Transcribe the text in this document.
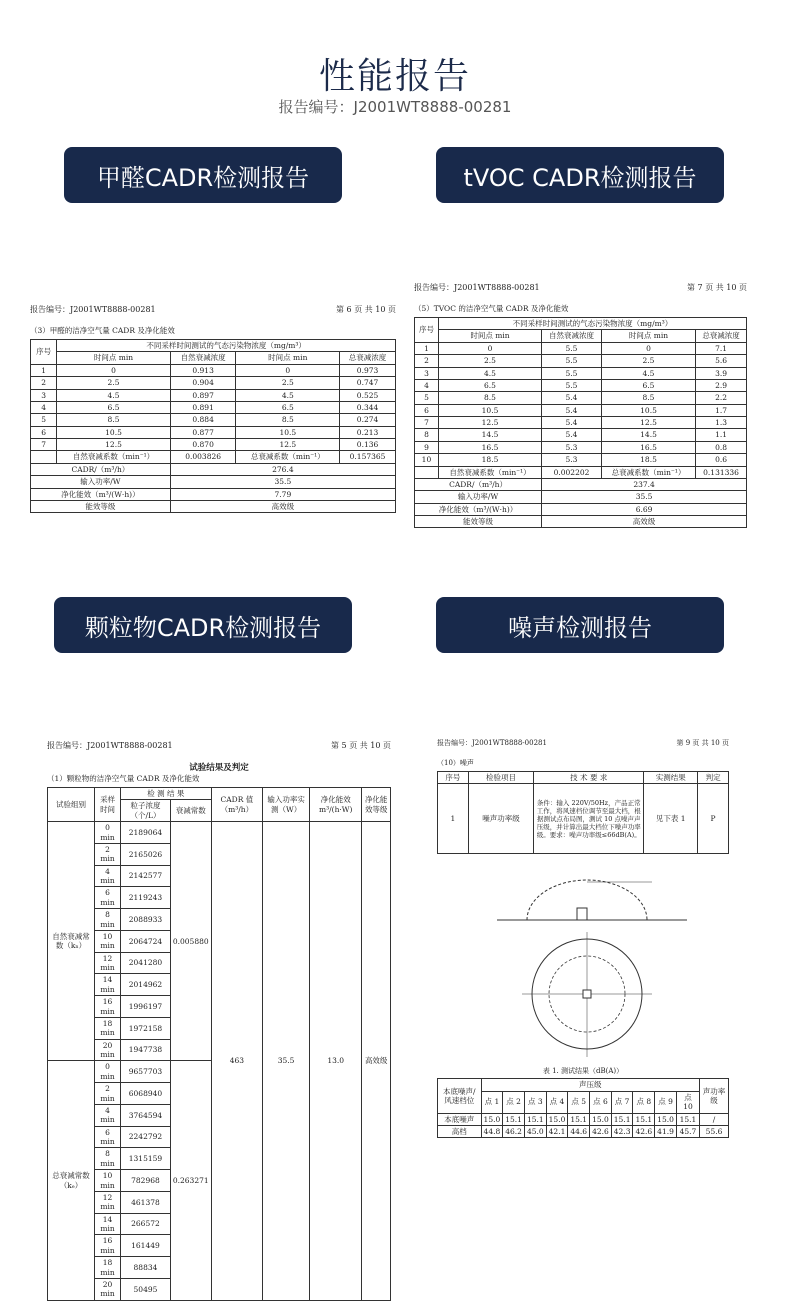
性能报告
报告编号：J2001WT8888-00281
甲醛CADR检测报告	tVOC CADR检测报告
颗粒物CADR检测报告	噪声检测报告
报告编号：J2001WT8888-00281	第 6 页 共 10 页
（3）甲醛的洁净空气量 CADR 及净化能效
序号	不同采样时间测试的气态污染物浓度（mg/m³）			
	时间点 min	自然衰减浓度	时间点 min	总衰减浓度
1	0	0.913	0	0.973
2	2.5	0.904	2.5	0.747
3	4.5	0.897	4.5	0.525
4	6.5	0.891	6.5	0.344
5	8.5	0.884	8.5	0.274
6	10.5	0.877	10.5	0.213
7	12.5	0.870	12.5	0.136
	自然衰减系数（min⁻¹）	0.003826	总衰减系数（min⁻¹）	0.157365
CADR/（m³/h）		276.4		
输入功率/W		35.5		
净化能效（m³/(W·h)）		7.79		
能效等级		高效级		
报告编号：J2001WT8888-00281	第 7 页 共 10 页
（5）TVOC 的洁净空气量 CADR 及净化能效
序号	不同采样时间测试的气态污染物浓度（mg/m³）			
	时间点 min	自然衰减浓度	时间点 min	总衰减浓度
1	0	5.5	0	7.1
2	2.5	5.5	2.5	5.6
3	4.5	5.5	4.5	3.9
4	6.5	5.5	6.5	2.9
5	8.5	5.4	8.5	2.2
6	10.5	5.4	10.5	1.7
7	12.5	5.4	12.5	1.3
8	14.5	5.4	14.5	1.1
9	16.5	5.3	16.5	0.8
10	18.5	5.3	18.5	0.6
	自然衰减系数（min⁻¹）	0.002202	总衰减系数（min⁻¹）	0.131336
CADR/（m³/h）		237.4		
输入功率/W		35.5		
净化能效（m³/(W·h)）		6.69		
能效等级		高效级		
报告编号：J2001WT8888-00281	第 5 页 共 10 页
试验结果及判定
（1）颗粒物的洁净空气量 CADR 及净化能效
试验组别	采样时间	检 测 结 果		CADR 值（m³/h）	输入功率实测（W）	净化能效 m³/(h·W)	净化能效等级
		粒子浓度（个/L）	衰减常数				
自然衰减常数（kₙ）	0 min	2189064	0.005880	463	35.5	13.0	高效级
	2 min	2165026					
	4 min	2142577					
	6 min	2119243					
	8 min	2088933					
	10 min	2064724					
	12 min	2041280					
	14 min	2014962					
	16 min	1996197					
	18 min	1972158					
	20 min	1947738					
总衰减常数（kₑ）	0 min	9657703	0.263271				
	2 min	6068940					
	4 min	3764594					
	6 min	2242792					
	8 min	1315159					
	10 min	782968					
	12 min	461378					
	14 min	266572					
	16 min	161449					
	18 min	88834					
	20 min	50495					
报告编号：J2001WT8888-00281	第 9 页 共 10 页
（10）噪声
序号	检验项目	技 术 要 求	实测结果	判定
1	噪声功率级	条件：输入 220V/50Hz，产品正常工作，将风速档位调节至最大档，根据测试点布局图，测试 10 点噪声声压级，并计算出最大档位下噪声功率级。要求：噪声功率级≤66dB(A)。	见下表 1	P
表 1. 测试结果（dB(A)）
本底噪声/风速档位	声压级										声功率级
	点 1	点 2	点 3	点 4	点 5	点 6	点 7	点 8	点 9	点 10	
本底噪声	15.0	15.1	15.1	15.0	15.1	15.0	15.1	15.1	15.0	15.1	/
高档	44.8	46.2	45.0	42.1	44.6	42.6	42.3	42.6	41.9	45.7	55.6
